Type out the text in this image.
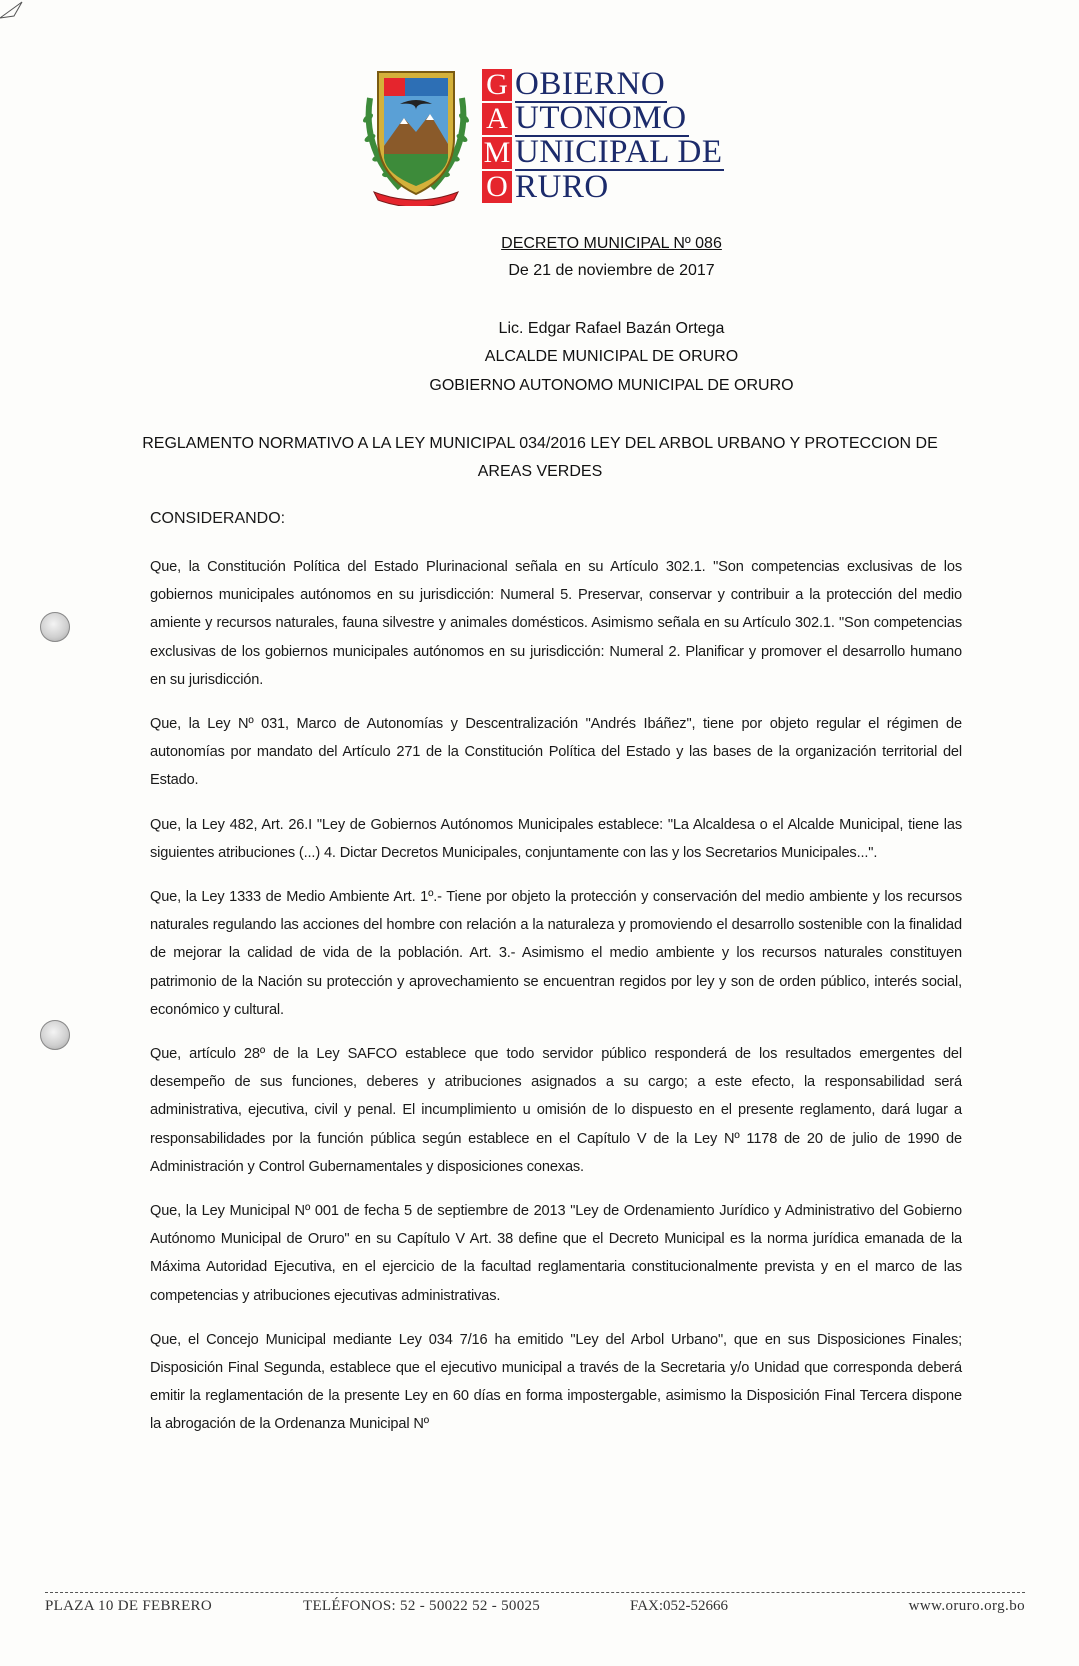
G OBIERNO
A UTONOMO
M UNICIPAL DE
O RURO
DECRETO MUNICIPAL Nº 086
De 21 de noviembre de 2017
Lic. Edgar Rafael Bazán Ortega
ALCALDE MUNICIPAL DE ORURO
GOBIERNO AUTONOMO MUNICIPAL DE ORURO
REGLAMENTO NORMATIVO A LA LEY MUNICIPAL 034/2016 LEY DEL ARBOL URBANO Y PROTECCION DE AREAS VERDES
CONSIDERANDO:

Que, la Constitución Política del Estado Plurinacional señala en su Artículo 302.1. "Son competencias exclusivas de los gobiernos municipales autónomos en su jurisdicción: Numeral 5. Preservar, conservar y contribuir a la protección del medio amiente y recursos naturales, fauna silvestre y animales domésticos. Asimismo señala en su Artículo 302.1. "Son competencias exclusivas de los gobiernos municipales autónomos en su jurisdicción: Numeral 2. Planificar y promover el desarrollo humano en su jurisdicción.

Que, la Ley Nº 031, Marco de Autonomías y Descentralización "Andrés Ibáñez", tiene por objeto regular el régimen de autonomías por mandato del Artículo 271 de la Constitución Política del Estado y las bases de la organización territorial del Estado.

Que, la Ley 482, Art. 26.I "Ley de Gobiernos Autónomos Municipales establece: "La Alcaldesa o el Alcalde Municipal, tiene las siguientes atribuciones (...) 4. Dictar Decretos Municipales, conjuntamente con las y los Secretarios Municipales...".

Que, la Ley 1333 de Medio Ambiente Art. 1º.- Tiene por objeto la protección y conservación del medio ambiente y los recursos naturales regulando las acciones del hombre con relación a la naturaleza y promoviendo el desarrollo sostenible con la finalidad de mejorar la calidad de vida de la población. Art. 3.- Asimismo el medio ambiente y los recursos naturales constituyen patrimonio de la Nación su protección y aprovechamiento se encuentran regidos por ley y son de orden público, interés social, económico y cultural.

Que, artículo 28º de la Ley SAFCO establece que todo servidor público responderá de los resultados emergentes del desempeño de sus funciones, deberes y atribuciones asignados a su cargo; a este efecto, la responsabilidad será administrativa, ejecutiva, civil y penal. El incumplimiento u omisión de lo dispuesto en el presente reglamento, dará lugar a responsabilidades por la función pública según establece en el Capítulo V de la Ley Nº 1178 de 20 de julio de 1990 de Administración y Control Gubernamentales y disposiciones conexas.

Que, la Ley Municipal Nº 001 de fecha 5 de septiembre de 2013 "Ley de Ordenamiento Jurídico y Administrativo del Gobierno Autónomo Municipal de Oruro" en su Capítulo V Art. 38 define que el Decreto Municipal es la norma jurídica emanada de la Máxima Autoridad Ejecutiva, en el ejercicio de la facultad reglamentaria constitucionalmente prevista y en el marco de las competencias y atribuciones ejecutivas administrativas.

Que, el Concejo Municipal mediante Ley 034 7/16 ha emitido "Ley del Arbol Urbano", que en sus Disposiciones Finales; Disposición Final Segunda, establece que el ejecutivo municipal a través de la Secretaria y/o Unidad que corresponda deberá emitir la reglamentación de la presente Ley en 60 días en forma impostergable, asimismo la Disposición Final Tercera dispone la abrogación de la Ordenanza Municipal Nº

PLAZA 10 DE FEBRERO	TELÉFONOS: 52 - 50022 52 - 50025	FAX:052-52666	www.oruro.org.bo
